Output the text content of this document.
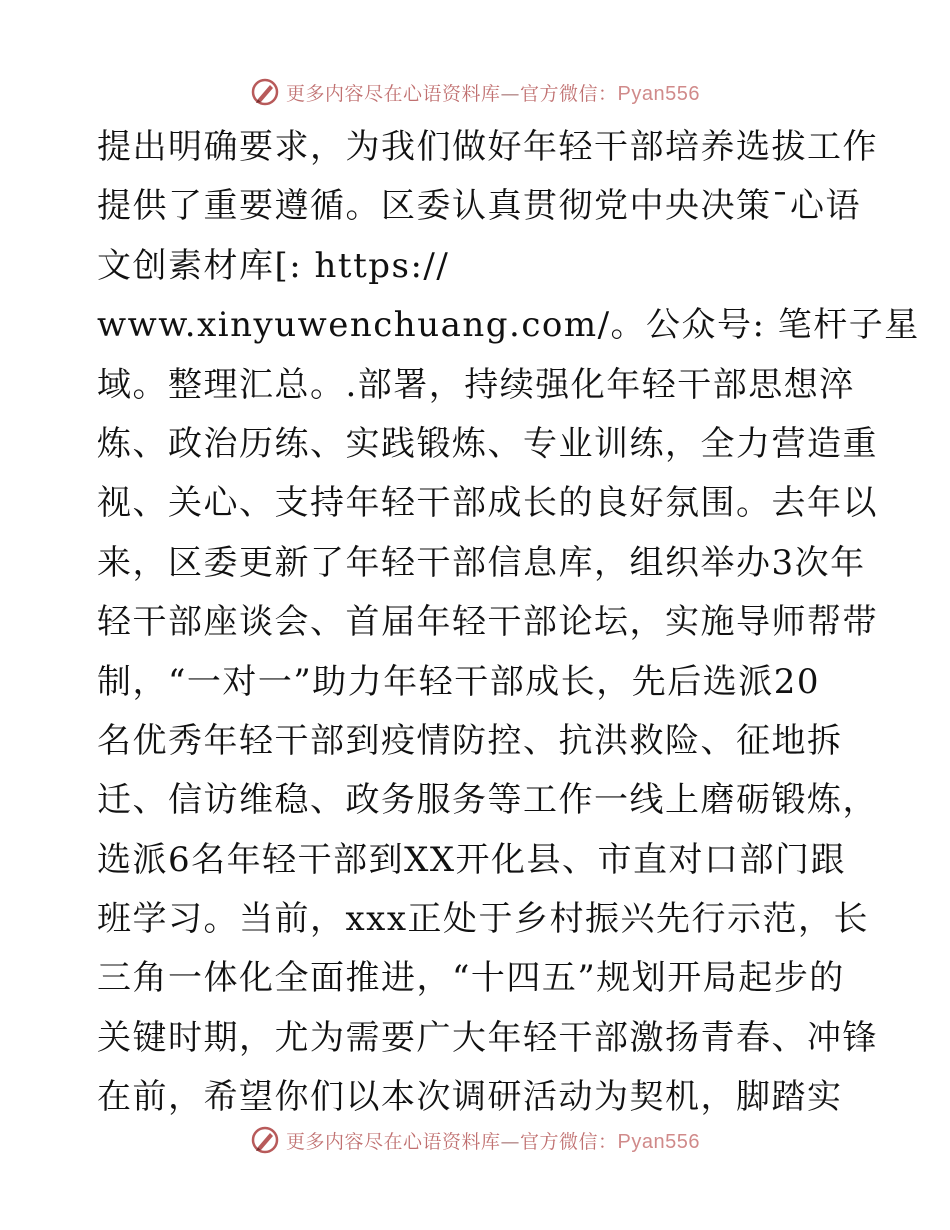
更多内容尽在心语资料库—官方微信：Pyan556
提出明确要求，为我们做好年轻干部培养选拔工作
提供了重要遵循。区委认真贯彻党中央决策¯心语
文创素材库[: https://
www.xinyuwenchuang.com/。公众号: 笔杆子星
域。整理汇总。.部署，持续强化年轻干部思想淬
炼、政治历练、实践锻炼、专业训练，全力营造重
视、关心、支持年轻干部成长的良好氛围。去年以
来，区委更新了年轻干部信息库，组织举办3次年
轻干部座谈会、首届年轻干部论坛，实施导师帮带
制，“一对一”助力年轻干部成长，先后选派20
名优秀年轻干部到疫情防控、抗洪救险、征地拆
迁、信访维稳、政务服务等工作一线上磨砺锻炼，
选派6名年轻干部到XX开化县、市直对口部门跟
班学习。当前，xxx正处于乡村振兴先行示范，长
三角一体化全面推进，“十四五”规划开局起步的
关键时期，尤为需要广大年轻干部激扬青春、冲锋
在前，希望你们以本次调研活动为契机，脚踏实
更多内容尽在心语资料库—官方微信：Pyan556
